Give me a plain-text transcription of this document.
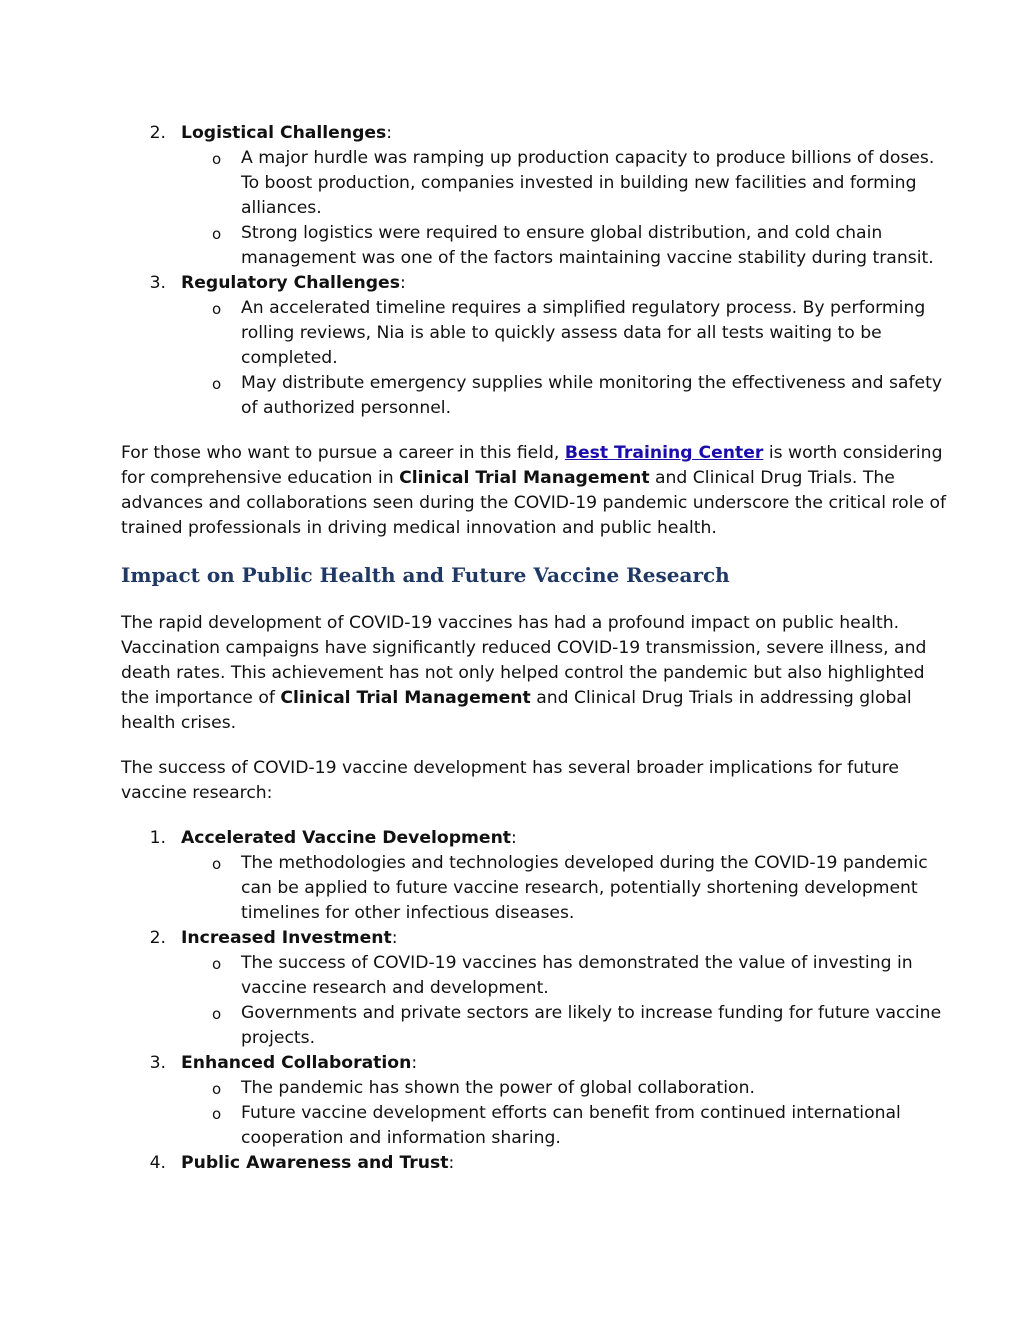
2. Logistical Challenges:
o A major hurdle was ramping up production capacity to produce billions of doses.
To boost production, companies invested in building new facilities and forming
alliances.
o Strong logistics were required to ensure global distribution, and cold chain
management was one of the factors maintaining vaccine stability during transit.
3. Regulatory Challenges:
o An accelerated timeline requires a simplified regulatory process. By performing
rolling reviews, Nia is able to quickly assess data for all tests waiting to be
completed.
o May distribute emergency supplies while monitoring the effectiveness and safety
of authorized personnel.
For those who want to pursue a career in this field, Best Training Center is worth considering
for comprehensive education in Clinical Trial Management and Clinical Drug Trials. The
advances and collaborations seen during the COVID-19 pandemic underscore the critical role of
trained professionals in driving medical innovation and public health.
Impact on Public Health and Future Vaccine Research
The rapid development of COVID-19 vaccines has had a profound impact on public health.
Vaccination campaigns have significantly reduced COVID-19 transmission, severe illness, and
death rates. This achievement has not only helped control the pandemic but also highlighted
the importance of Clinical Trial Management and Clinical Drug Trials in addressing global
health crises.
The success of COVID-19 vaccine development has several broader implications for future
vaccine research:
1. Accelerated Vaccine Development:
o The methodologies and technologies developed during the COVID-19 pandemic
can be applied to future vaccine research, potentially shortening development
timelines for other infectious diseases.
2. Increased Investment:
o The success of COVID-19 vaccines has demonstrated the value of investing in
vaccine research and development.
o Governments and private sectors are likely to increase funding for future vaccine
projects.
3. Enhanced Collaboration:
o The pandemic has shown the power of global collaboration.
o Future vaccine development efforts can benefit from continued international
cooperation and information sharing.
4. Public Awareness and Trust:
